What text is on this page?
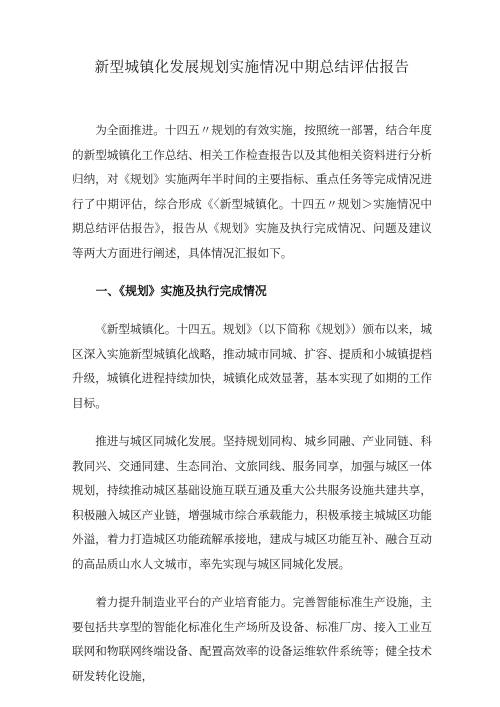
新型城镇化发展规划实施情况中期总结评估报告

为全面推进。十四五〃规划的有效实施，按照统一部署，结合年度的新型城镇化工作总结、相关工作检查报告以及其他相关资料进行分析归纳，对《规划》实施两年半时间的主要指标、重点任务等完成情况进行了中期评估，综合形成《〈新型城镇化。十四五〃规划＞实施情况中期总结评估报告》，报告从《规划》实施及执行完成情况、问题及建议等两大方面进行阐述，具体情况汇报如下。

一、《规划》实施及执行完成情况

《新型城镇化。十四五。规划》（以下简称《规划》）颁布以来，城区深入实施新型城镇化战略，推动城市同城、扩容、提质和小城镇提档升级，城镇化进程持续加快，城镇化成效显著，基本实现了如期的工作目标。

推进与城区同城化发展。坚持规划同构、城乡同融、产业同链、科教同兴、交通同建、生态同治、文旅同线、服务同享，加强与城区一体规划，持续推动城区基础设施互联互通及重大公共服务设施共建共享，积极融入城区产业链，增强城市综合承载能力，积极承接主城城区功能外溢，着力打造城区功能疏解承接地，建成与城区功能互补、融合互动的高品质山水人文城市，率先实现与城区同城化发展。

着力提升制造业平台的产业培育能力。完善智能标准生产设施，主要包括共享型的智能化标准化生产场所及设备、标准厂房、接入工业互联网和物联网终端设备、配置高效率的设备运维软件系统等；健全技术研发转化设施，
